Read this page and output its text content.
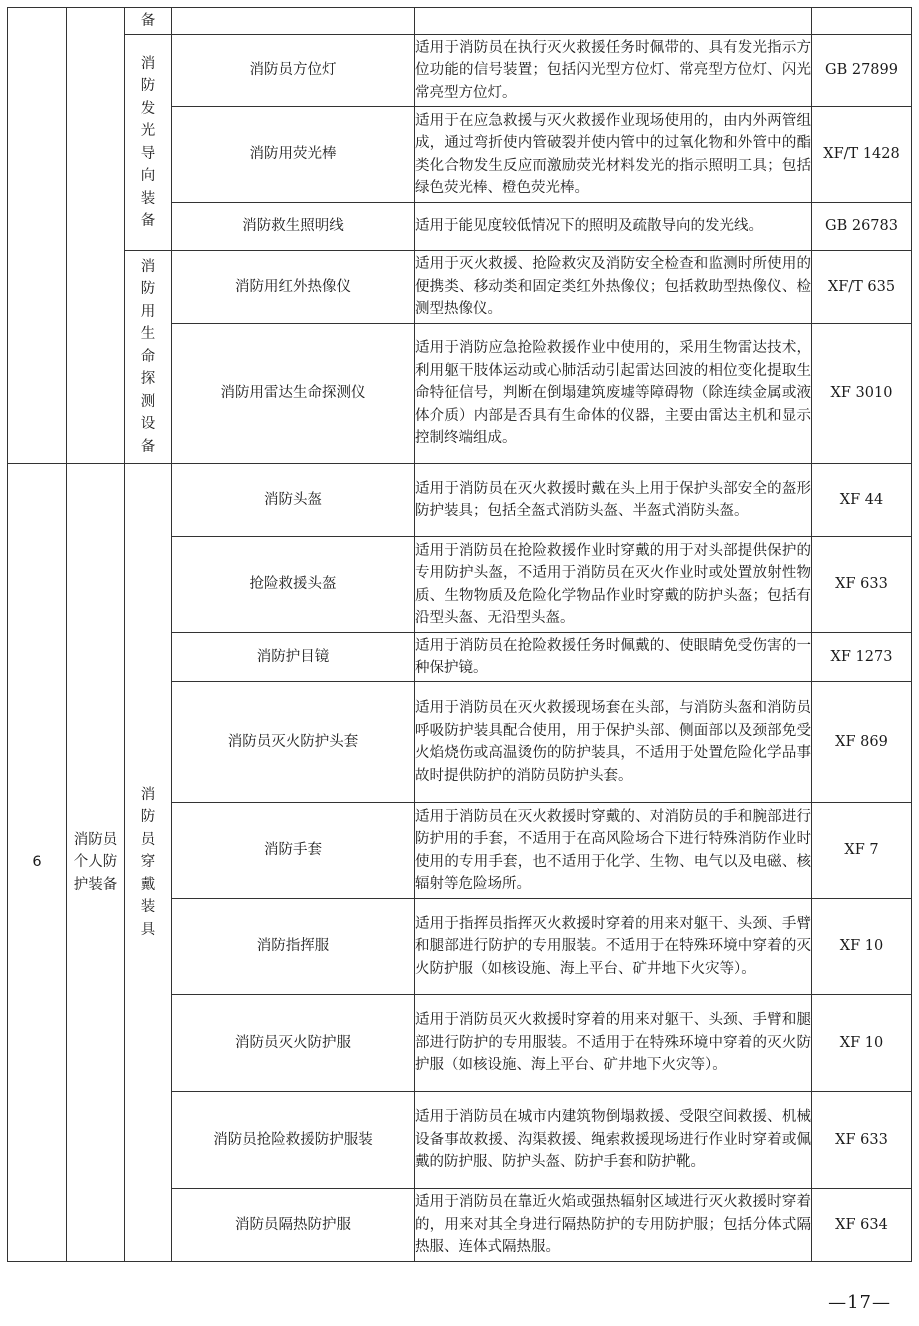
		备			
		消防发光导向装备	消防员方位灯	适用于消防员在执行灭火救援任务时佩带的、具有发光指示方位功能的信号装置；包括闪光型方位灯、常亮型方位灯、闪光常亮型方位灯。	GB 27899
			消防用荧光棒	适用于在应急救援与灭火救援作业现场使用的，由内外两管组成，通过弯折使内管破裂并使内管中的过氧化物和外管中的酯类化合物发生反应而激励荧光材料发光的指示照明工具；包括绿色荧光棒、橙色荧光棒。	XF/T 1428
			消防救生照明线	适用于能见度较低情况下的照明及疏散导向的发光线。	GB 26783
		消防用生命探测设备	消防用红外热像仪	适用于灭火救援、抢险救灾及消防安全检查和监测时所使用的便携类、移动类和固定类红外热像仪；包括救助型热像仪、检测型热像仪。	XF/T 635
			消防用雷达生命探测仪	适用于消防应急抢险救援作业中使用的，采用生物雷达技术，利用躯干肢体运动或心肺活动引起雷达回波的相位变化提取生命特征信号，判断在倒塌建筑废墟等障碍物（除连续金属或液体介质）内部是否具有生命体的仪器，主要由雷达主机和显示控制终端组成。	XF 3010
6	消防员个人防护装备	消防员穿戴装具	消防头盔	适用于消防员在灭火救援时戴在头上用于保护头部安全的盔形防护装具；包括全盔式消防头盔、半盔式消防头盔。	XF 44
			抢险救援头盔	适用于消防员在抢险救援作业时穿戴的用于对头部提供保护的专用防护头盔，不适用于消防员在灭火作业时或处置放射性物质、生物物质及危险化学物品作业时穿戴的防护头盔；包括有沿型头盔、无沿型头盔。	XF 633
			消防护目镜	适用于消防员在抢险救援任务时佩戴的、使眼睛免受伤害的一种保护镜。	XF 1273
			消防员灭火防护头套	适用于消防员在灭火救援现场套在头部，与消防头盔和消防员呼吸防护装具配合使用，用于保护头部、侧面部以及颈部免受火焰烧伤或高温烫伤的防护装具，不适用于处置危险化学品事故时提供防护的消防员防护头套。	XF 869
			消防手套	适用于消防员在灭火救援时穿戴的、对消防员的手和腕部进行防护用的手套，不适用于在高风险场合下进行特殊消防作业时使用的专用手套，也不适用于化学、生物、电气以及电磁、核辐射等危险场所。	XF 7
			消防指挥服	适用于指挥员指挥灭火救援时穿着的用来对躯干、头颈、手臂和腿部进行防护的专用服装。不适用于在特殊环境中穿着的灭火防护服（如核设施、海上平台、矿井地下火灾等）。	XF 10
			消防员灭火防护服	适用于消防员灭火救援时穿着的用来对躯干、头颈、手臂和腿部进行防护的专用服装。不适用于在特殊环境中穿着的灭火防护服（如核设施、海上平台、矿井地下火灾等）。	XF 10
			消防员抢险救援防护服装	适用于消防员在城市内建筑物倒塌救援、受限空间救援、机械设备事故救援、沟渠救援、绳索救援现场进行作业时穿着或佩戴的防护服、防护头盔、防护手套和防护靴。	XF 633
			消防员隔热防护服	适用于消防员在靠近火焰或强热辐射区域进行灭火救援时穿着的，用来对其全身进行隔热防护的专用防护服；包括分体式隔热服、连体式隔热服。	XF 634
—17—
